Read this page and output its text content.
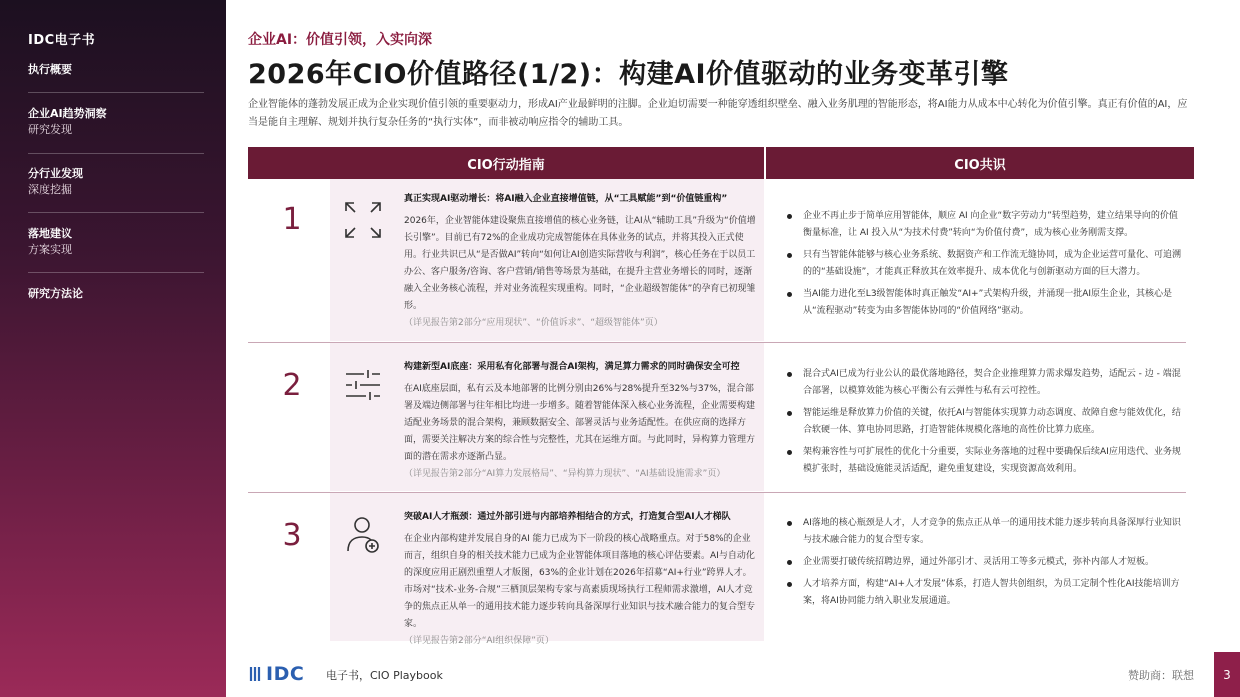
IDC电子书
执行概要
企业AI趋势洞察
研究发现
分行业发现
深度挖掘
落地建议
方案实现
研究方法论
企业AI：价值引领，入实向深
2026年CIO价值路径(1/2)：构建AI价值驱动的业务变革引擎
企业智能体的蓬勃发展正成为企业实现价值引领的重要驱动力，形成AI产业最鲜明的注脚。企业迫切需要一种能穿透组织壁垒、融入业务肌理的智能形态，将AI能力从成本中心转化为价值引擎。真正有价值的AI，应当是能自主理解、规划并执行复杂任务的“执行实体”，而非被动响应指令的辅助工具。
CIO行动指南	CIO共识
1
真正实现AI驱动增长：将AI融入企业直接增值链，从“工具赋能”到“价值链重构”
2026年，企业智能体建设聚焦直接增值的核心业务链，让AI从“辅助工具”升级为“价值增长引擎”。目前已有72%的企业成功完成智能体在具体业务的试点，并将其投入正式使用。行业共识已从“是否做AI”转向“如何让AI创造实际营收与利润”，核心任务在于以员工办公、客户服务/咨询、客户营销/销售等场景为基础，在提升主营业务增长的同时，逐渐融入全业务核心流程，并对业务流程实现重构。同时，“企业超级智能体”的孕育已初现雏形。
（详见报告第2部分“应用现状”、“价值诉求”、“超级智能体”页）
企业不再止步于简单应用智能体，顺应 AI 向企业“数字劳动力”转型趋势，建立结果导向的价值衡量标准，让 AI 投入从“为技术付费”转向“为价值付费”，成为核心业务刚需支撑。
只有当智能体能够与核心业务系统、数据资产和工作流无缝协同，成为企业运营可量化、可追溯的的“基础设施”，才能真正释放其在效率提升、成本优化与创新驱动方面的巨大潜力。
当AI能力进化至L3级智能体时真正触发“AI+”式架构升级，并涌现一批AI原生企业，其核心是从“流程驱动”转变为由多智能体协同的“价值网络”驱动。
2
构建新型AI底座：采用私有化部署与混合AI架构，满足算力需求的同时确保安全可控
在AI底座层面，私有云及本地部署的比例分别由26%与28%提升至32%与37%，混合部署及端边侧部署与往年相比均进一步增多。随着智能体深入核心业务流程，企业需要构建适配业务场景的混合架构，兼顾数据安全、部署灵活与业务适配性。在供应商的选择方面，需要关注解决方案的综合性与完整性，尤其在运维方面。与此同时，异构算力管理方面的潜在需求亦逐渐凸显。
（详见报告第2部分“AI算力发展格局”、“异构算力现状”、“AI基础设施需求”页）
混合式AI已成为行业公认的最优落地路径，契合企业推理算力需求爆发趋势，适配云 - 边 - 端混合部署，以模算效能为核心平衡公有云弹性与私有云可控性。
智能运维是释放算力价值的关键，依托AI与智能体实现算力动态调度、故障自愈与能效优化，结合软硬一体、算电协同思路，打造智能体规模化落地的高性价比算力底座。
架构兼容性与可扩展性的优化十分重要，实际业务落地的过程中要确保后续AI应用迭代、业务规模扩张时，基础设施能灵活适配，避免重复建设，实现资源高效利用。
3
突破AI人才瓶颈：通过外部引进与内部培养相结合的方式，打造复合型AI人才梯队
在企业内部构建并发展自身的AI 能力已成为下一阶段的核心战略重点。对于58%的企业而言，组织自身的相关技术能力已成为企业智能体项目落地的核心评估要素。AI与自动化的深度应用正剧烈重塑人才版图，63%的企业计划在2026年招募“AI+行业”跨界人才。市场对“技术-业务-合规”三栖顶层架构专家与高素质现场执行工程师需求激增，AI人才竞争的焦点正从单一的通用技术能力逐步转向具备深厚行业知识与技术融合能力的复合型专家。
（详见报告第2部分“AI组织保障”页）
AI落地的核心瓶颈是人才，人才竞争的焦点正从单一的通用技术能力逐步转向具备深厚行业知识与技术融合能力的复合型专家。
企业需要打破传统招聘边界，通过外部引才、灵活用工等多元模式，弥补内部人才短板。
人才培养方面，构建“AI+人才发展”体系，打造人智共创组织，为员工定制个性化AI技能培训方案，将AI协同能力纳入职业发展通道。
IDC 电子书，CIO Playbook	赞助商：联想	3
